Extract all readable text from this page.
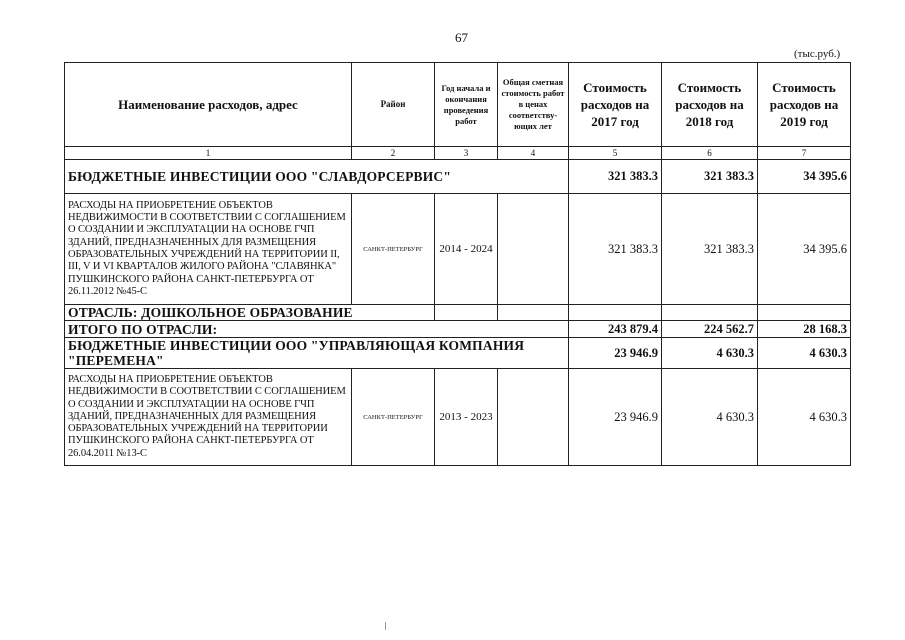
67
(тыс.руб.)
Наименование расходов, адрес	Район	Год начала и окончания проведения работ	Общая сметная стоимость работ в ценах соответству-ющих лет	Стоимость расходов на 2017 год	Стоимость расходов на 2018 год	Стоимость расходов на 2019 год
1	2	3	4	5	6	7
БЮДЖЕТНЫЕ ИНВЕСТИЦИИ ООО "СЛАВДОРСЕРВИС"				321 383.3	321 383.3	34 395.6
РАСХОДЫ НА ПРИОБРЕТЕНИЕ ОБЪЕКТОВ НЕДВИЖИМОСТИ В СООТВЕТСТВИИ С СОГЛАШЕНИЕМ О СОЗДАНИИ И ЭКСПЛУАТАЦИИ НА ОСНОВЕ ГЧП ЗДАНИЙ, ПРЕДНАЗНАЧЕННЫХ ДЛЯ РАЗМЕЩЕНИЯ ОБРАЗОВАТЕЛЬНЫХ УЧРЕЖДЕНИЙ НА ТЕРРИТОРИИ II, III, V И VI КВАРТАЛОВ ЖИЛОГО РАЙОНА "СЛАВЯНКА" ПУШКИНСКОГО РАЙОНА САНКТ-ПЕТЕРБУРГА ОТ 26.11.2012 №45-С	САНКТ-ПЕТЕРБУРГ	2014 - 2024		321 383.3	321 383.3	34 395.6
ОТРАСЛЬ: ДОШКОЛЬНОЕ ОБРАЗОВАНИЕ						
ИТОГО ПО ОТРАСЛИ:				243 879.4	224 562.7	28 168.3
БЮДЖЕТНЫЕ ИНВЕСТИЦИИ ООО "УПРАВЛЯЮЩАЯ КОМПАНИЯ "ПЕРЕМЕНА"				23 946.9	4 630.3	4 630.3
РАСХОДЫ НА ПРИОБРЕТЕНИЕ ОБЪЕКТОВ НЕДВИЖИМОСТИ В СООТВЕТСТВИИ С СОГЛАШЕНИЕМ О СОЗДАНИИ И ЭКСПЛУАТАЦИИ НА ОСНОВЕ ГЧП ЗДАНИЙ, ПРЕДНАЗНАЧЕННЫХ ДЛЯ РАЗМЕЩЕНИЯ ОБРАЗОВАТЕЛЬНЫХ УЧРЕЖДЕНИЙ НА ТЕРРИТОРИИ ПУШКИНСКОГО РАЙОНА САНКТ-ПЕТЕРБУРГА ОТ 26.04.2011 №13-С	САНКТ-ПЕТЕРБУРГ	2013 - 2023		23 946.9	4 630.3	4 630.3
